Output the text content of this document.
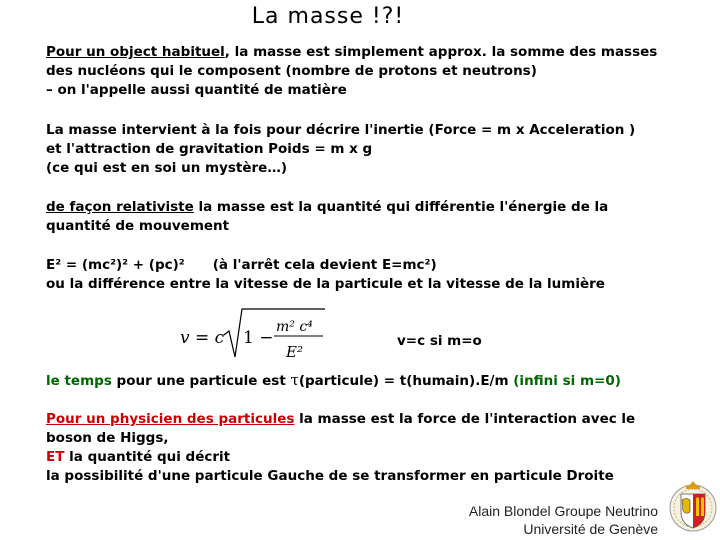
La masse !?!
Pour un object habituel, la masse est simplement approx. la somme des masses
des nucléons qui le composent (nombre de protons et neutrons)
– on l'appelle aussi quantité de matière
La masse intervient à la fois pour décrire l'inertie (Force = m x Acceleration )
et l'attraction de gravitation Poids = m x g
(ce qui est en soi un mystère…)
de façon relativiste la masse est la quantité qui différentie l'énergie de la
quantité de mouvement
E² = (mc²)² + (pc)² (à l'arrêt cela devient E=mc²)
ou la différence entre la vitesse de la particule et la vitesse de la lumière
v = c 1 −
m² c⁴
E²
v=c si m=o
le temps pour une particule est τ(particule) = t(humain).E/m (infini si m=0)
Pour un physicien des particules la masse est la force de l'interaction avec le
boson de Higgs,
ET la quantité qui décrit
la possibilité d'une particule Gauche de se transformer en particule Droite
Alain Blondel Groupe Neutrino
Université de Genève
